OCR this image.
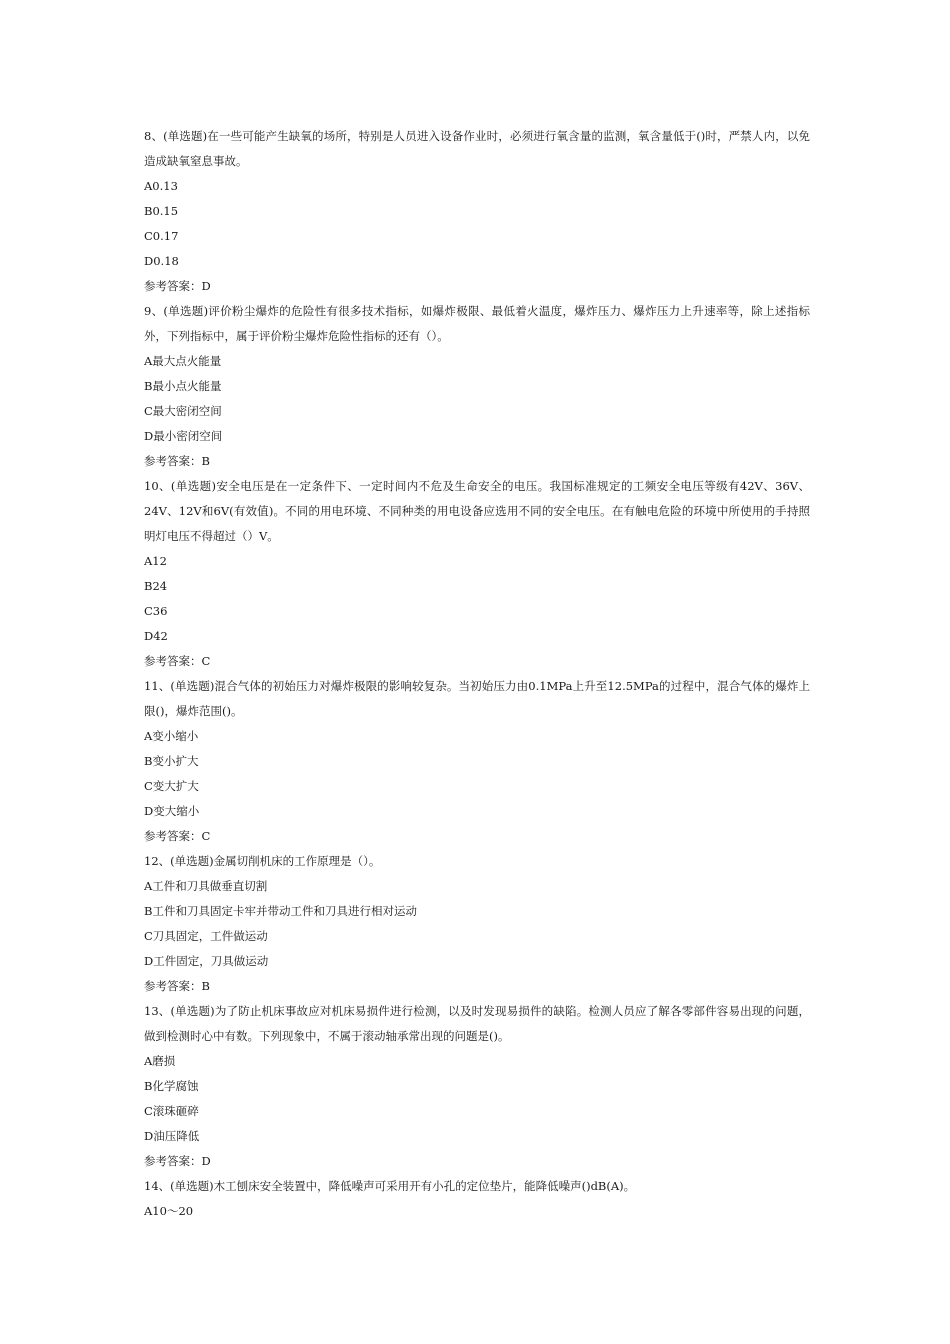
8、(单选题)在一些可能产生缺氧的场所，特别是人员进入设备作业时，必须进行氧含量的监测，氧含量低于()时，严禁人内，以免造成缺氧窒息事故。
A0.13
B0.15
C0.17
D0.18
参考答案：D
9、(单选题)评价粉尘爆炸的危险性有很多技术指标，如爆炸极限、最低着火温度，爆炸压力、爆炸压力上升速率等，除上述指标外，下列指标中，属于评价粉尘爆炸危险性指标的还有（）。
A最大点火能量
B最小点火能量
C最大密闭空间
D最小密闭空间
参考答案：B
10、(单选题)安全电压是在一定条件下、一定时间内不危及生命安全的电压。我国标准规定的工频安全电压等级有42V、36V、24V、12V和6V(有效值)。不同的用电环境、不同种类的用电设备应选用不同的安全电压。在有触电危险的环境中所使用的手持照明灯电压不得超过（）V。
A12
B24
C36
D42
参考答案：C
11、(单选题)混合气体的初始压力对爆炸极限的影响较复杂。当初始压力由0.1MPa上升至12.5MPa的过程中，混合气体的爆炸上限()，爆炸范围()。
A变小缩小
B变小扩大
C变大扩大
D变大缩小
参考答案：C
12、(单选题)金属切削机床的工作原理是（）。
A工件和刀具做垂直切割
B工件和刀具固定卡牢并带动工件和刀具进行相对运动
C刀具固定，工件做运动
D工件固定，刀具做运动
参考答案：B
13、(单选题)为了防止机床事故应对机床易损件进行检测，以及时发现易损件的缺陷。检测人员应了解各零部件容易出现的问题，做到检测时心中有数。下列现象中，不属于滚动轴承常出现的问题是()。
A磨损
B化学腐蚀
C滚珠砸碎
D油压降低
参考答案：D
14、(单选题)木工刨床安全装置中，降低噪声可采用开有小孔的定位垫片，能降低噪声()dB(A)。
A10～20
